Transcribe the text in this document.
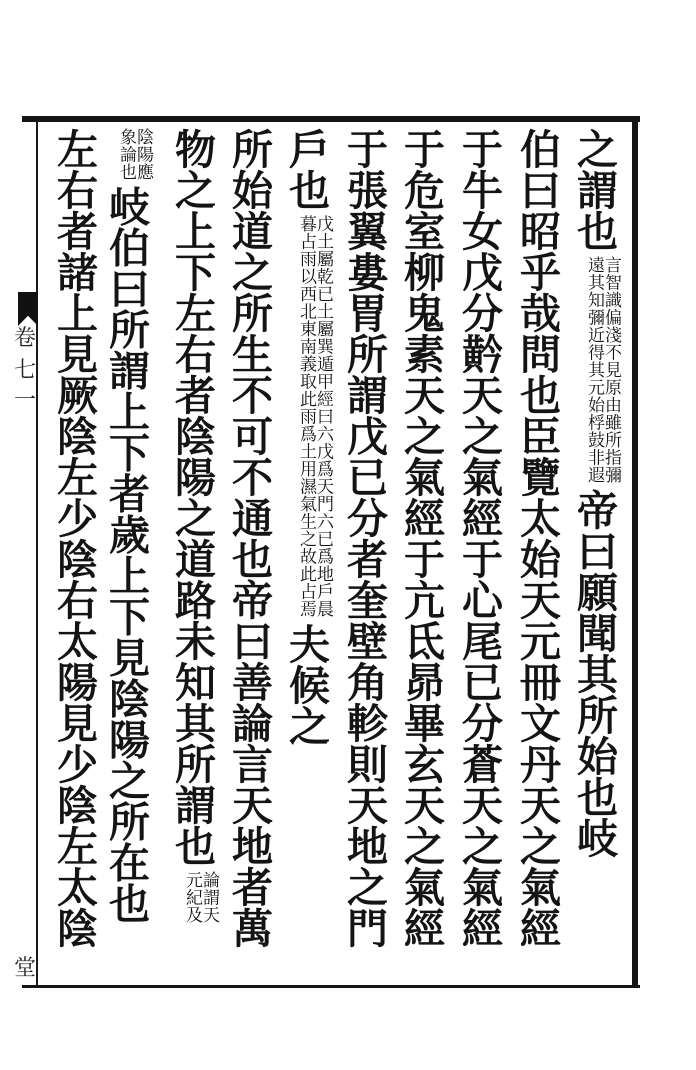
卷
七
一
堂
之謂也
言智識偏淺不見原由雖所指彌
遠其知彌近得其元始桴鼓非遐
帝曰願聞其所始也岐
伯曰昭乎哉問也臣覽太始天元冊文丹天之氣經
于牛女戊分黅天之氣經于心尾已分蒼天之氣經
于危室柳鬼素天之氣經于亢氐昴畢玄天之氣經
于張翼婁胃所謂戊已分者奎壁角軫則天地之門
戶也
戊土屬乾已土屬巽遁甲經曰六戊爲天門六已爲地戶晨
暮占雨以西北東南義取此雨爲土用濕氣生之故此占焉
夫候之
所始道之所生不可不通也帝曰善論言天地者萬
物之上下左右者陰陽之道路未知其所謂也
論謂天
元紀及
陰陽應
象論也
岐伯曰所謂上下者歲上下見陰陽之所在也
左右者諸上見厥陰左少陰右太陽見少陰左太陰
